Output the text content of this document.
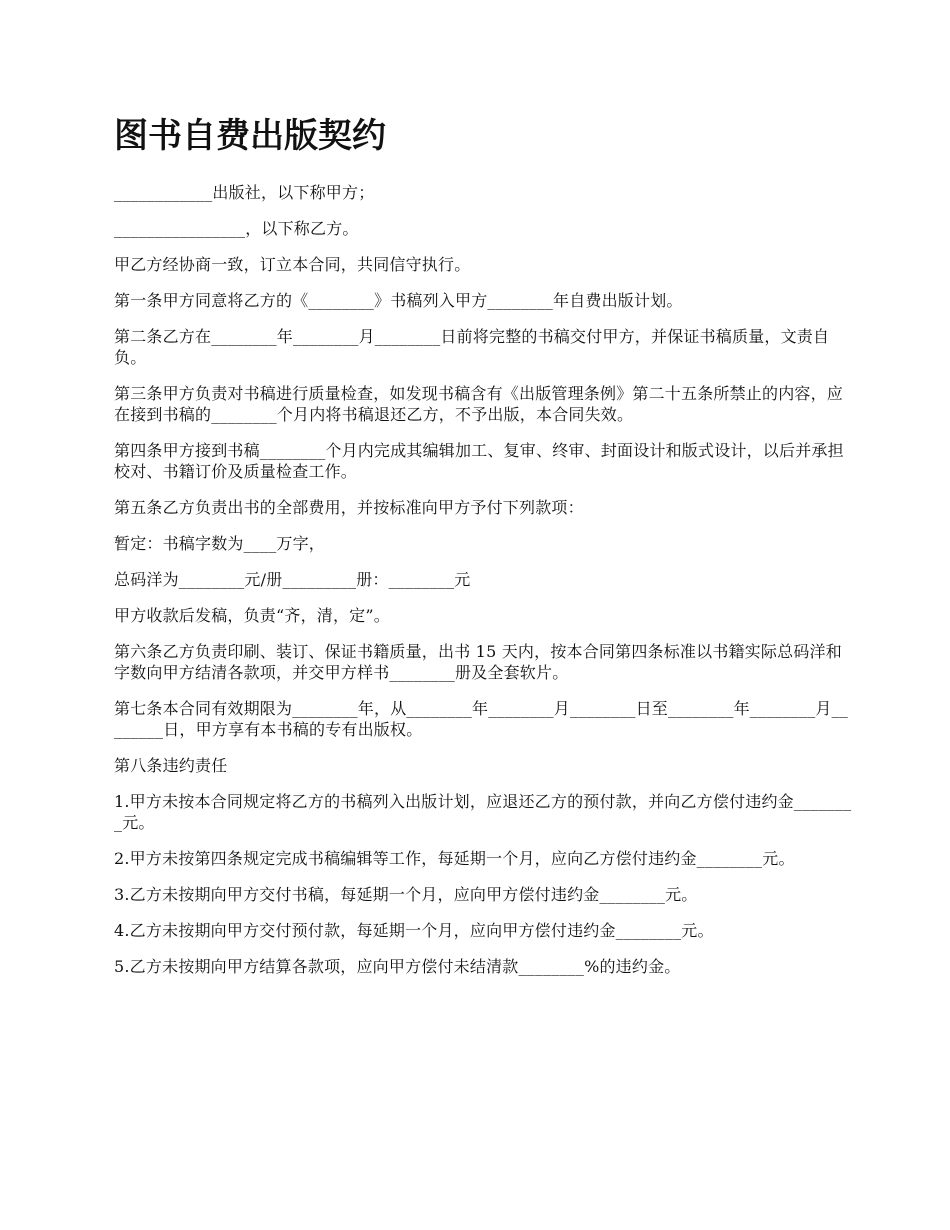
图书自费出版契约

____________出版社，以下称甲方；

________________，以下称乙方。

甲乙方经协商一致，订立本合同，共同信守执行。

第一条甲方同意将乙方的《________》书稿列入甲方________年自费出版计划。

第二条乙方在________年________月________日前将完整的书稿交付甲方，并保证书稿质量，文责自负。

第三条甲方负责对书稿进行质量检查，如发现书稿含有《出版管理条例》第二十五条所禁止的内容，应在接到书稿的________个月内将书稿退还乙方，不予出版，本合同失效。

第四条甲方接到书稿________个月内完成其编辑加工、复审、终审、封面设计和版式设计，以后并承担校对、书籍订价及质量检查工作。

第五条乙方负责出书的全部费用，并按标准向甲方予付下列款项：

暂定：书稿字数为____万字，

总码洋为________元/册_________册：________元

甲方收款后发稿，负责“齐，清，定”。

第六条乙方负责印刷、装订、保证书籍质量，出书 15 天内，按本合同第四条标准以书籍实际总码洋和字数向甲方结清各款项，并交甲方样书________册及全套软片。

第七条本合同有效期限为________年，从________年________月________日至________年________月________日，甲方享有本书稿的专有出版权。

第八条违约责任

1.甲方未按本合同规定将乙方的书稿列入出版计划，应退还乙方的预付款，并向乙方偿付违约金________元。

2.甲方未按第四条规定完成书稿编辑等工作，每延期一个月，应向乙方偿付违约金________元。

3.乙方未按期向甲方交付书稿，每延期一个月，应向甲方偿付违约金________元。

4.乙方未按期向甲方交付预付款，每延期一个月，应向甲方偿付违约金________元。

5.乙方未按期向甲方结算各款项，应向甲方偿付未结清款________%的违约金。
